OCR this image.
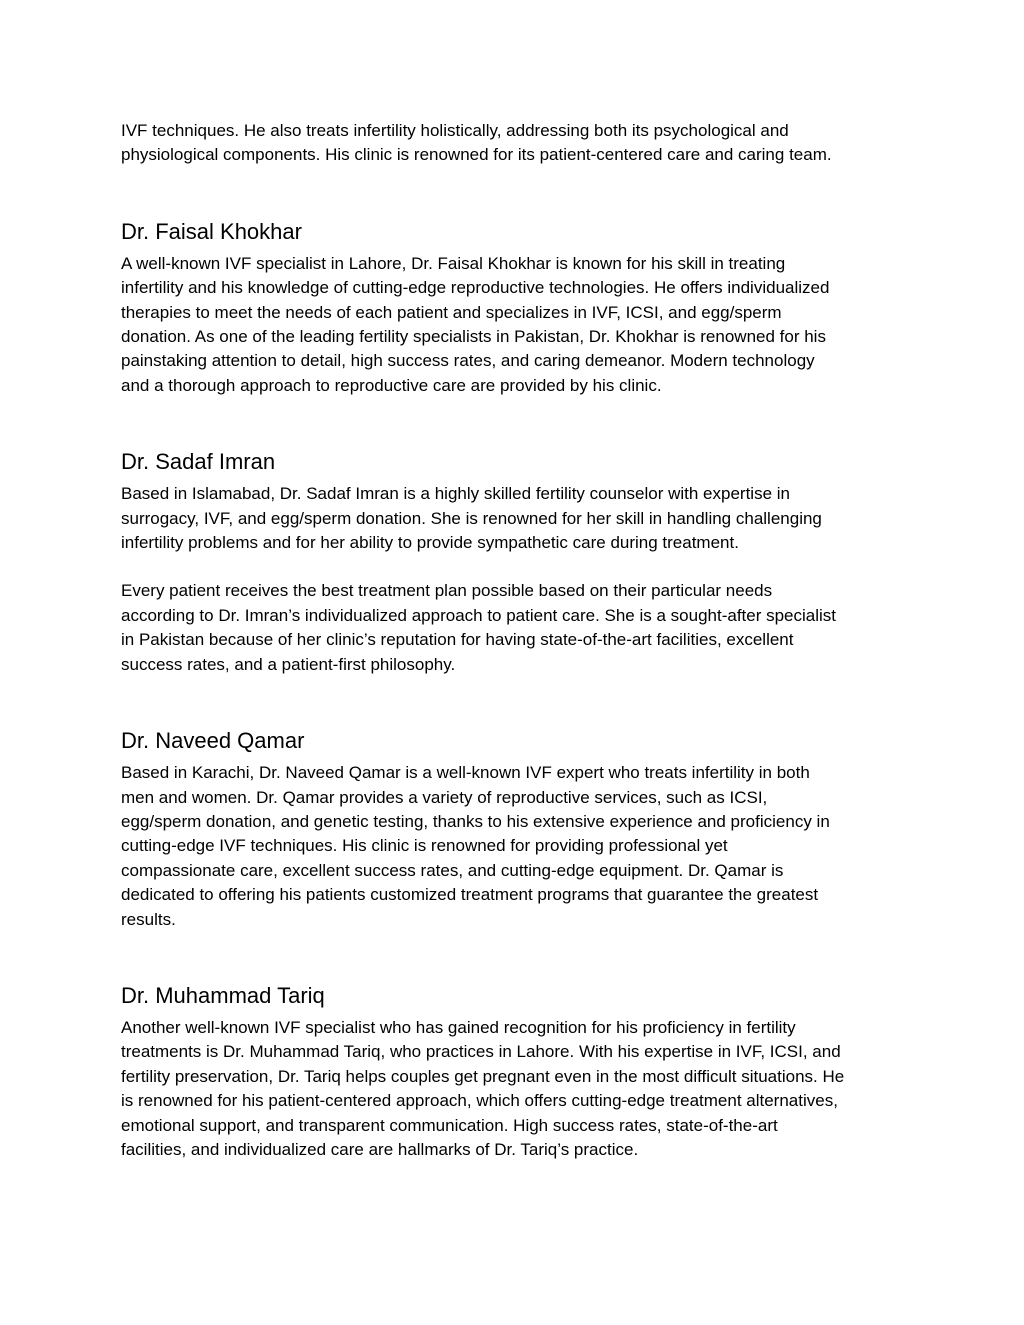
IVF techniques. He also treats infertility holistically, addressing both its psychological and
physiological components. His clinic is renowned for its patient-centered care and caring team.

Dr. Faisal Khokhar

A well-known IVF specialist in Lahore, Dr. Faisal Khokhar is known for his skill in treating
infertility and his knowledge of cutting-edge reproductive technologies. He offers individualized
therapies to meet the needs of each patient and specializes in IVF, ICSI, and egg/sperm
donation. As one of the leading fertility specialists in Pakistan, Dr. Khokhar is renowned for his
painstaking attention to detail, high success rates, and caring demeanor. Modern technology
and a thorough approach to reproductive care are provided by his clinic.

Dr. Sadaf Imran

Based in Islamabad, Dr. Sadaf Imran is a highly skilled fertility counselor with expertise in
surrogacy, IVF, and egg/sperm donation. She is renowned for her skill in handling challenging
infertility problems and for her ability to provide sympathetic care during treatment.

Every patient receives the best treatment plan possible based on their particular needs
according to Dr. Imran’s individualized approach to patient care. She is a sought-after specialist
in Pakistan because of her clinic’s reputation for having state-of-the-art facilities, excellent
success rates, and a patient-first philosophy.

Dr. Naveed Qamar

Based in Karachi, Dr. Naveed Qamar is a well-known IVF expert who treats infertility in both
men and women. Dr. Qamar provides a variety of reproductive services, such as ICSI,
egg/sperm donation, and genetic testing, thanks to his extensive experience and proficiency in
cutting-edge IVF techniques. His clinic is renowned for providing professional yet
compassionate care, excellent success rates, and cutting-edge equipment. Dr. Qamar is
dedicated to offering his patients customized treatment programs that guarantee the greatest
results.

Dr. Muhammad Tariq

Another well-known IVF specialist who has gained recognition for his proficiency in fertility
treatments is Dr. Muhammad Tariq, who practices in Lahore. With his expertise in IVF, ICSI, and
fertility preservation, Dr. Tariq helps couples get pregnant even in the most difficult situations. He
is renowned for his patient-centered approach, which offers cutting-edge treatment alternatives,
emotional support, and transparent communication. High success rates, state-of-the-art
facilities, and individualized care are hallmarks of Dr. Tariq’s practice.
